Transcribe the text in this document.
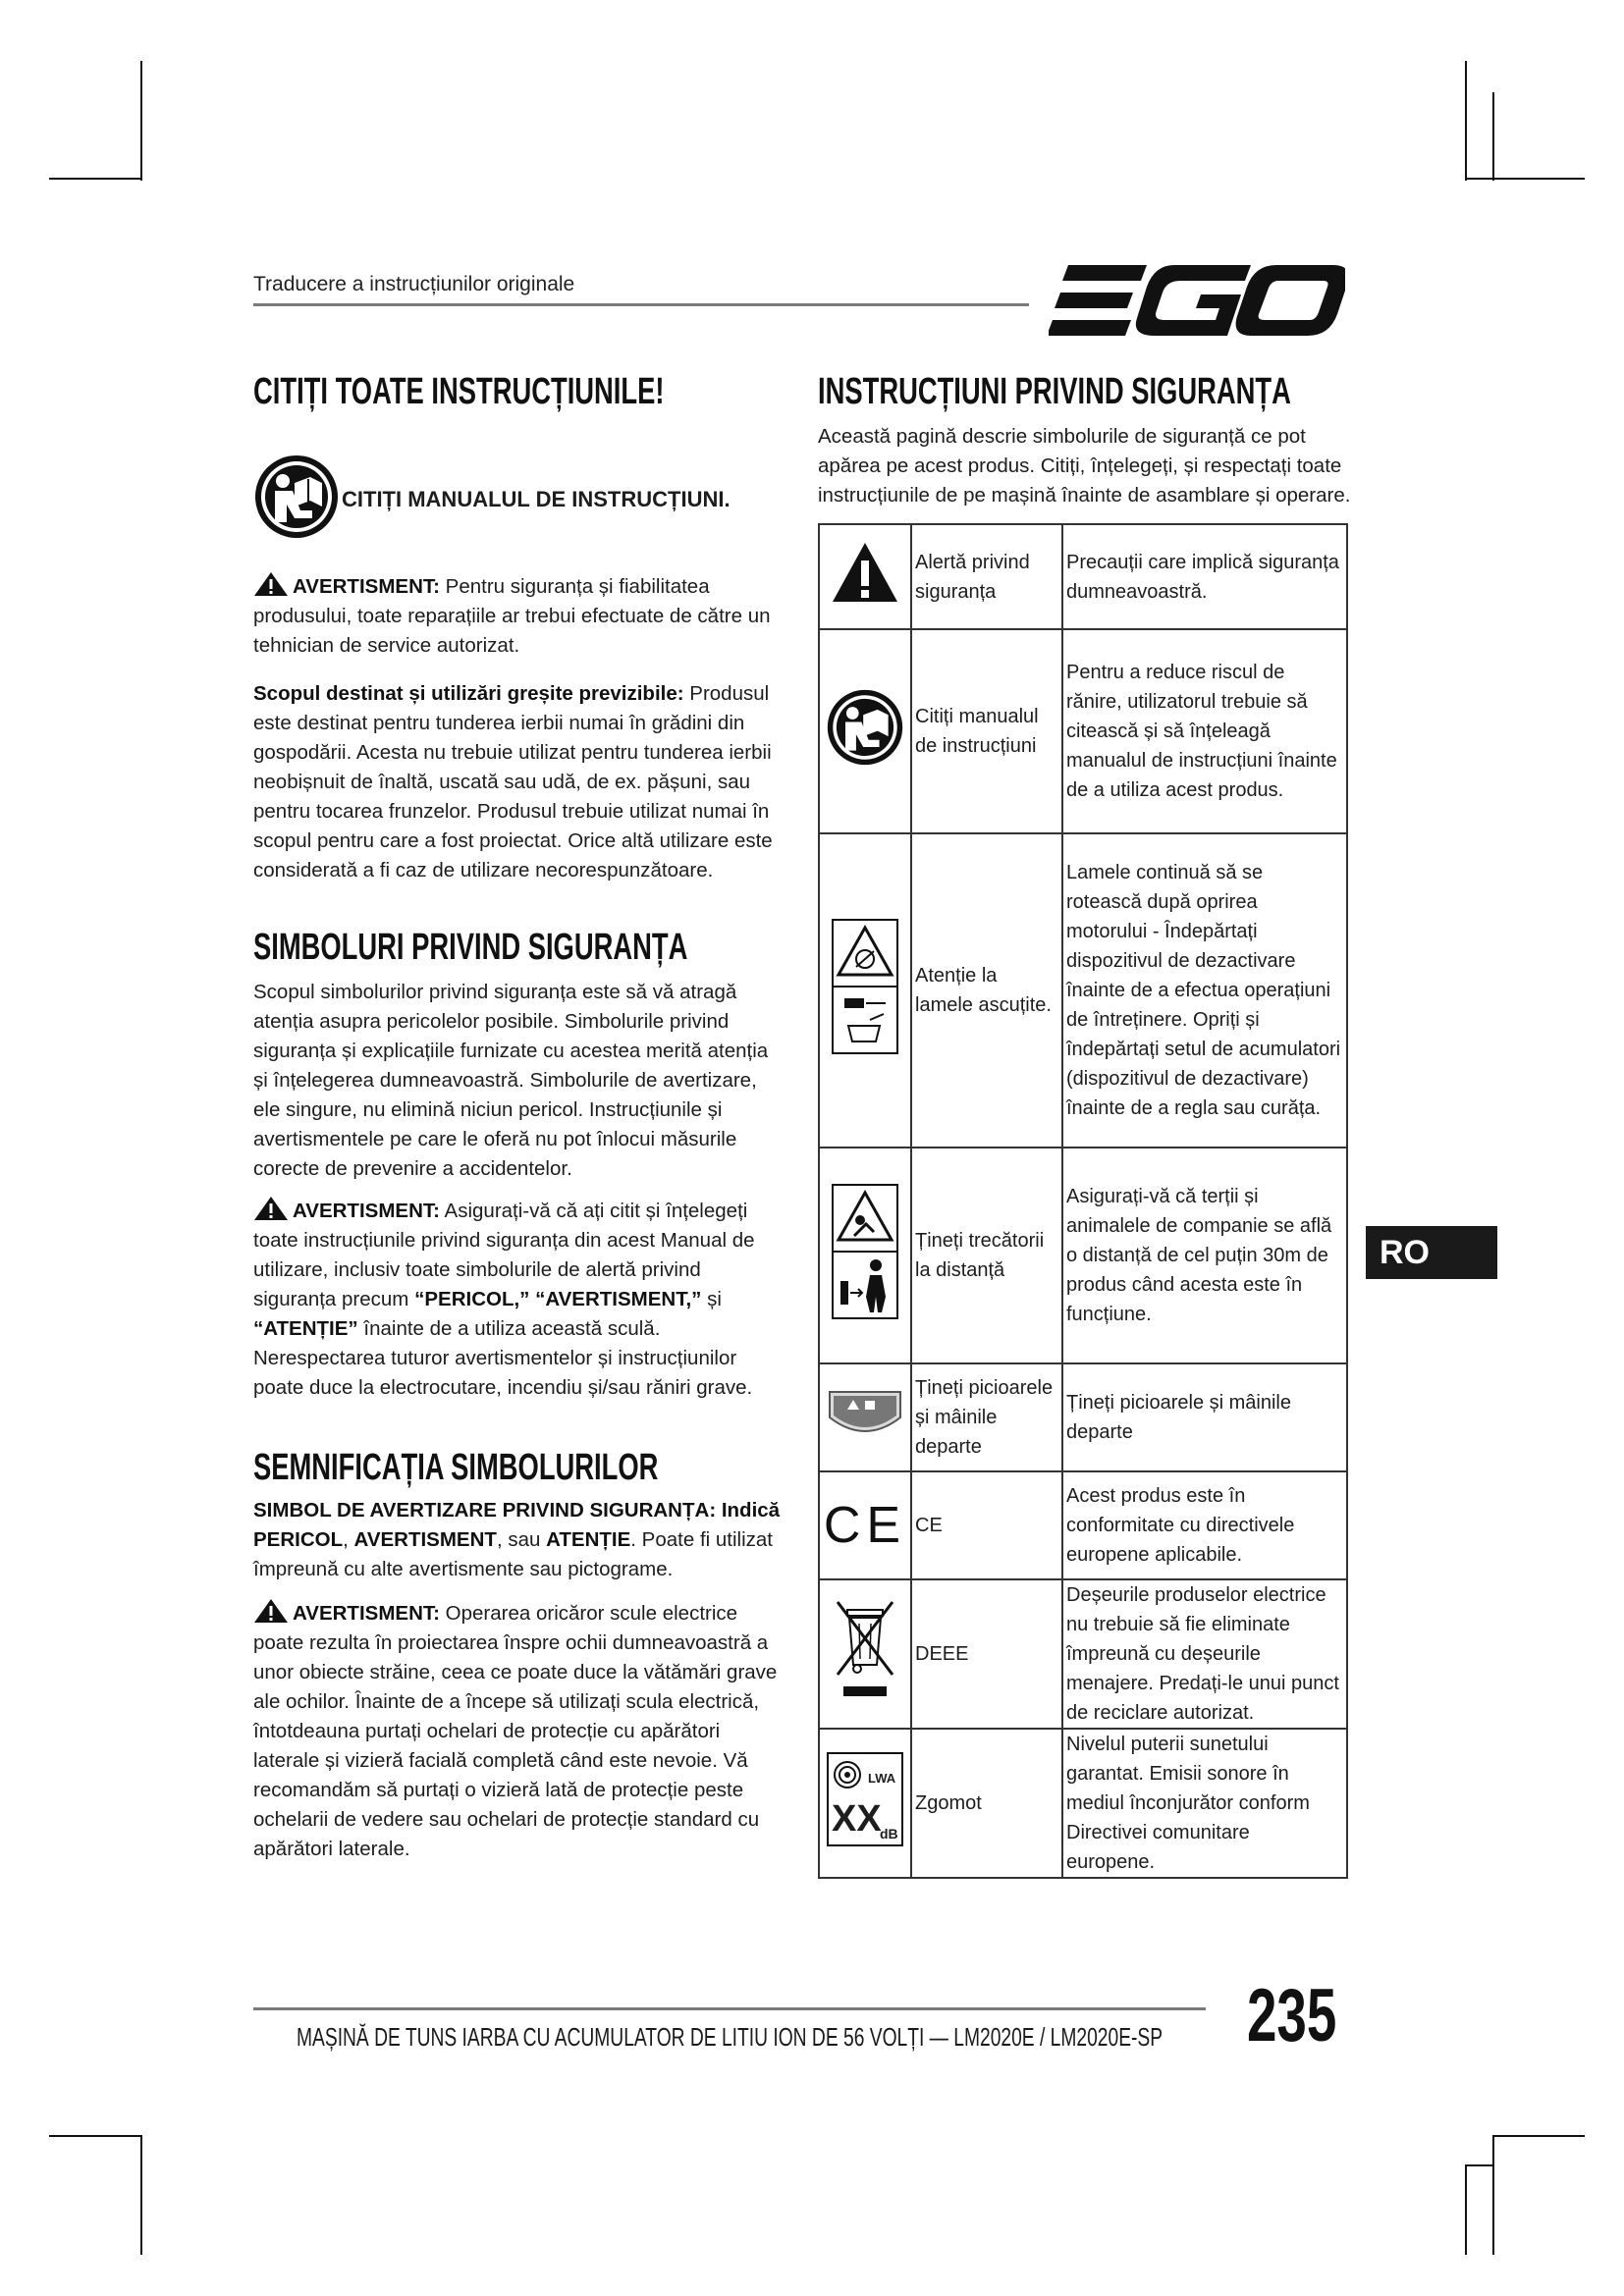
Traducere a instrucțiunilor originale
CITIȚI TOATE INSTRUCȚIUNILE!
CITIȚI MANUALUL DE INSTRUCȚIUNI.
AVERTISMENT: Pentru siguranța și fiabilitatea produsului, toate reparațiile ar trebui efectuate de către un tehnician de service autorizat.
Scopul destinat și utilizări greșite previzibile: Produsul este destinat pentru tunderea ierbii numai în grădini din gospodării. Acesta nu trebuie utilizat pentru tunderea ierbii neobișnuit de înaltă, uscată sau udă, de ex. pășuni, sau pentru tocarea frunzelor. Produsul trebuie utilizat numai în scopul pentru care a fost proiectat. Orice altă utilizare este considerată a fi caz de utilizare necorespunzătoare.
SIMBOLURI PRIVIND SIGURANȚA
Scopul simbolurilor privind siguranța este să vă atragă atenția asupra pericolelor posibile. Simbolurile privind siguranța și explicațiile furnizate cu acestea merită atenția și înțelegerea dumneavoastră. Simbolurile de avertizare, ele singure, nu elimină niciun pericol. Instrucțiunile și avertismentele pe care le oferă nu pot înlocui măsurile corecte de prevenire a accidentelor.
AVERTISMENT: Asigurați-vă că ați citit și înțelegeți toate instrucțiunile privind siguranța din acest Manual de utilizare, inclusiv toate simbolurile de alertă privind siguranța precum “PERICOL,” “AVERTISMENT,” și “ATENȚIE” înainte de a utiliza această sculă. Nerespectarea tuturor avertismentelor și instrucțiunilor poate duce la electrocutare, incendiu și/sau răniri grave.
SEMNIFICAȚIA SIMBOLURILOR
SIMBOL DE AVERTIZARE PRIVIND SIGURANȚA: Indică PERICOL, AVERTISMENT, sau ATENȚIE. Poate fi utilizat împreună cu alte avertismente sau pictograme.
AVERTISMENT: Operarea oricăror scule electrice poate rezulta în proiectarea înspre ochii dumneavoastră a unor obiecte străine, ceea ce poate duce la vătămări grave ale ochilor. Înainte de a începe să utilizați scula electrică, întotdeauna purtați ochelari de protecție cu apărători laterale și vizieră facială completă când este nevoie. Vă recomandăm să purtați o vizieră lată de protecție peste ochelarii de vedere sau ochelari de protecție standard cu apărători laterale.
INSTRUCȚIUNI PRIVIND SIGURANȚA
Această pagină descrie simbolurile de siguranță ce pot apărea pe acest produs. Citiți, înțelegeți, și respectați toate instrucțiunile de pe mașină înainte de asamblare și operare.
	Alertă privind siguranța	Precauții care implică siguranța dumneavoastră.
	Citiți manualul de instrucțiuni	Pentru a reduce riscul de rănire, utilizatorul trebuie să citească și să înțeleagă manualul de instrucțiuni înainte de a utiliza acest produs.
	Atenție la lamele ascuțite.	Lamele continuă să se rotească după oprirea motorului - Îndepărtați dispozitivul de dezactivare înainte de a efectua operațiuni de întreținere. Opriți și îndepărtați setul de acumulatori (dispozitivul de dezactivare) înainte de a regla sau curăța.
	Țineți trecătorii la distanță	Asigurați-vă că terții și animalele de companie se află o distanță de cel puțin 30m de produs când acesta este în funcțiune.
	Țineți picioarele și mâinile departe	Țineți picioarele și mâinile departe

CE	CE	Acest produs este în conformitate cu directivele europene aplicabile.
	DEEE	Deșeurile produselor electrice nu trebuie să fie eliminate împreună cu deșeurile menajere. Predați-le unui punct de reciclare autorizat.

LWA
XX
dB	Zgomot	Nivelul puterii sunetului garantat. Emisii sonore în mediul înconjurător conform Directivei comunitare europene.
RO
MAȘINĂ DE TUNS IARBA CU ACUMULATOR DE LITIU ION DE 56 VOLȚI — LM2020E / LM2020E-SP	235
